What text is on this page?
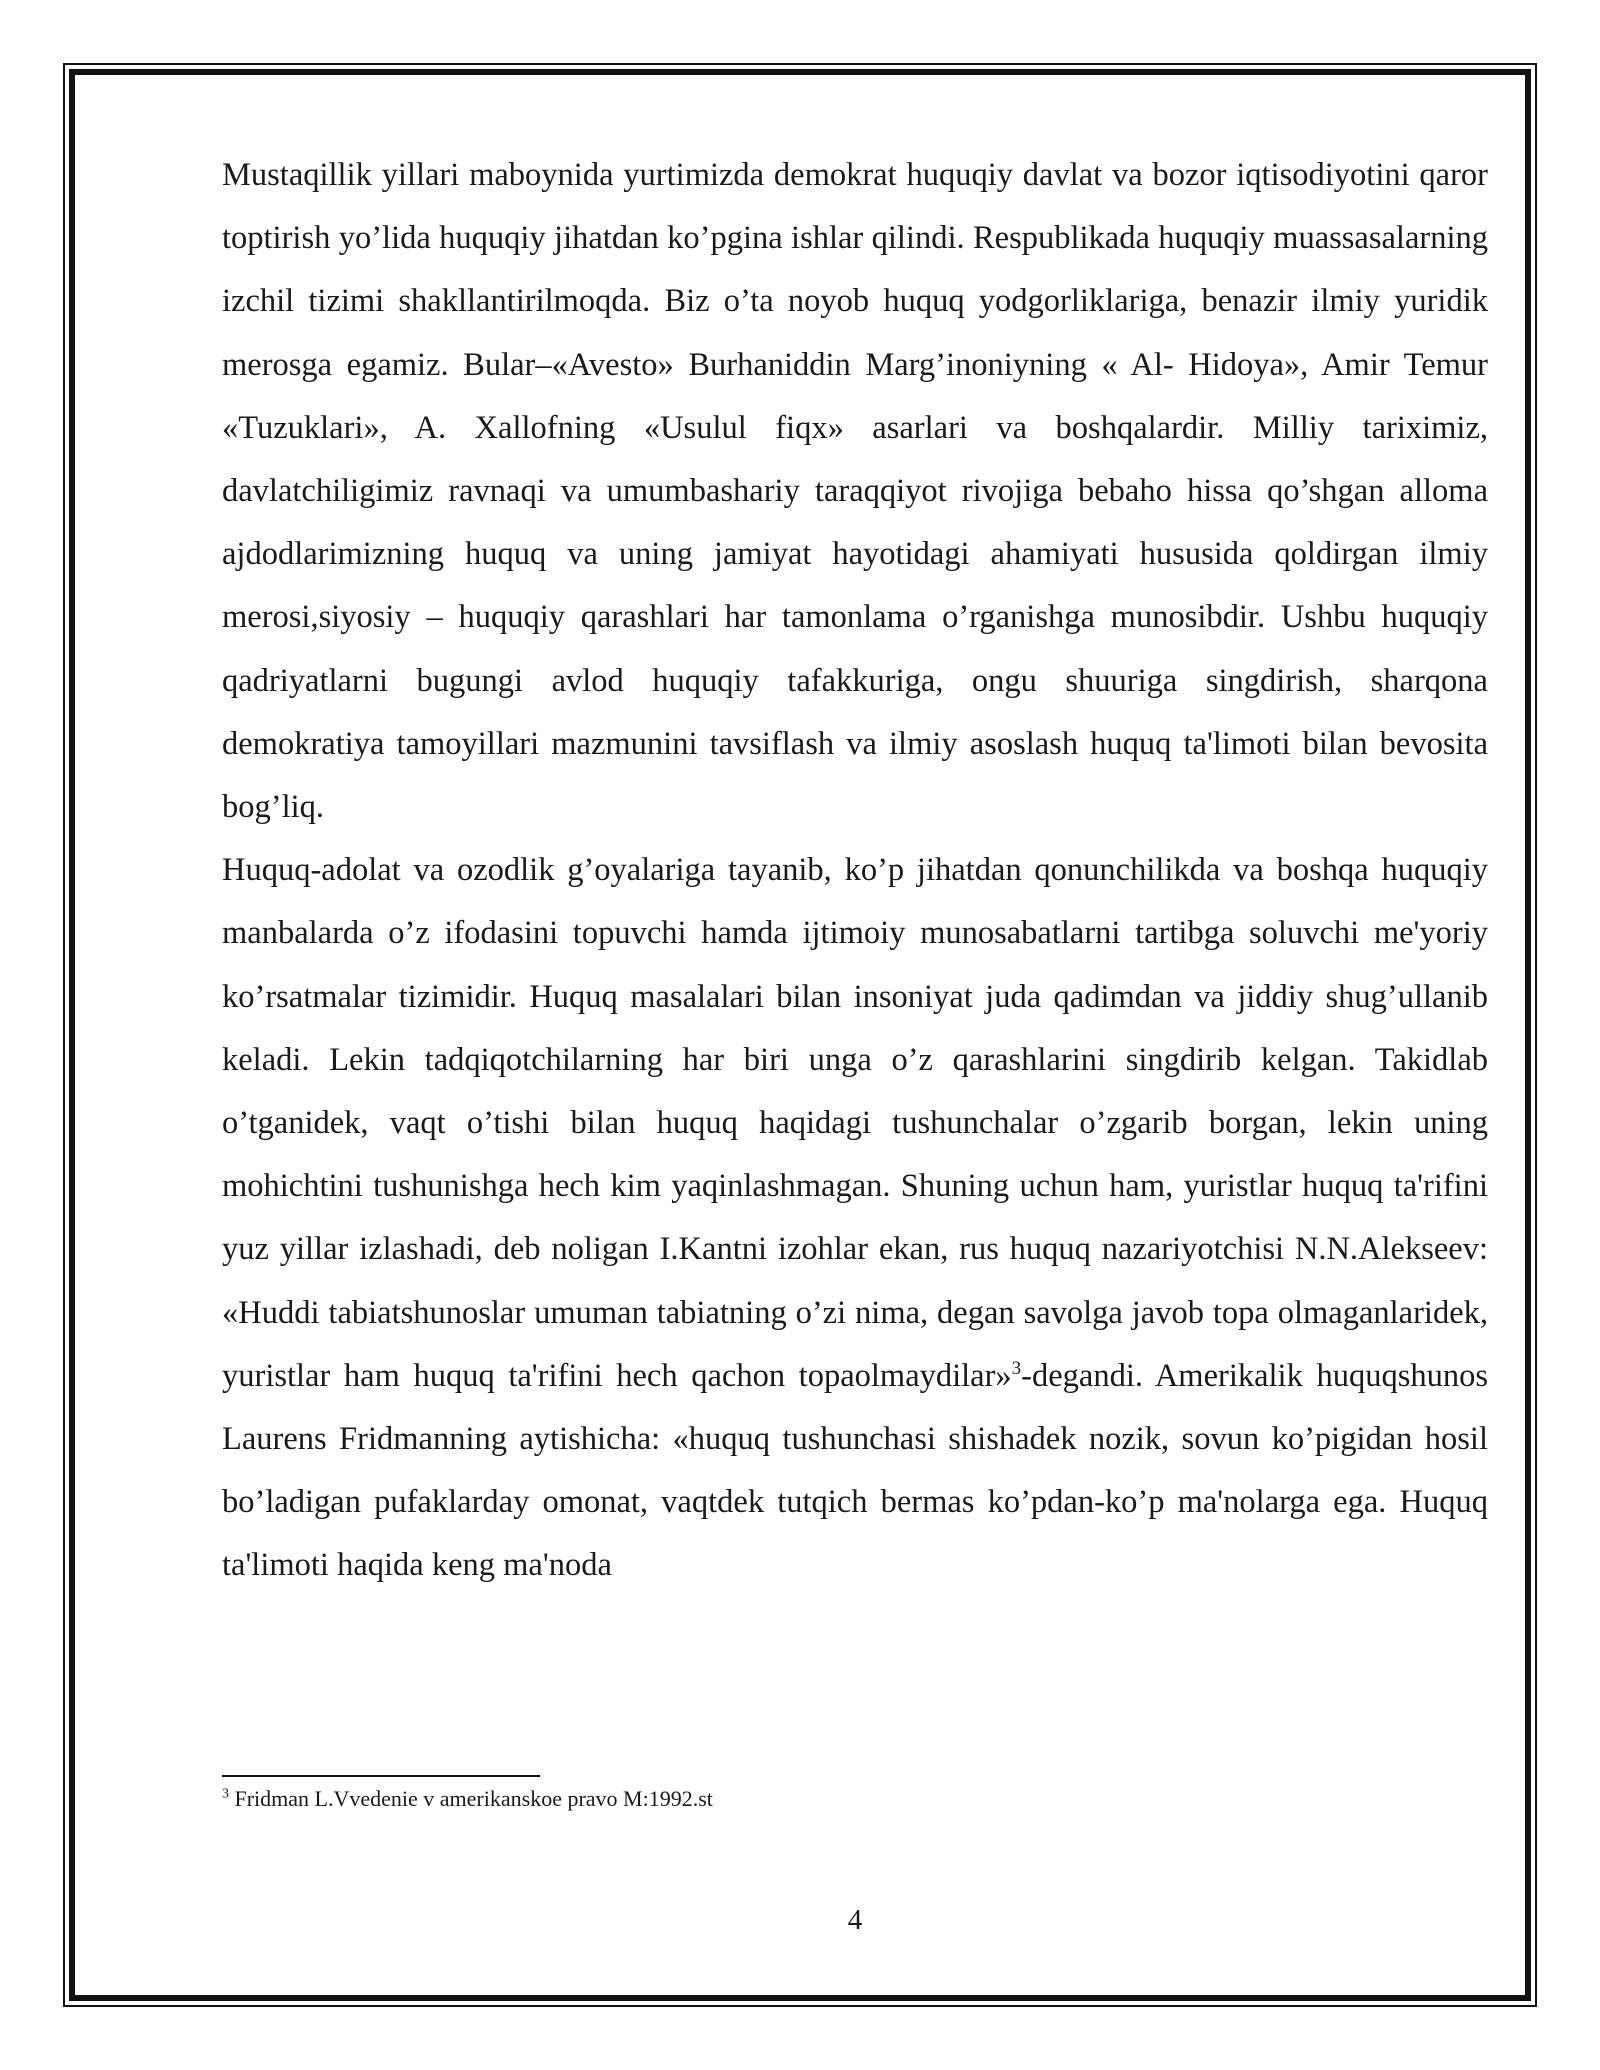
Mustaqillik yillari maboynida yurtimizda demokrat huquqiy davlat va bozor iqtisodiyotini qaror toptirish yo’lida huquqiy jihatdan ko’pgina ishlar qilindi. Respublikada huquqiy muassasalarning izchil tizimi shakllantirilmoqda. Biz o’ta noyob huquq yodgorliklariga, benazir ilmiy yuridik merosga egamiz. Bular–«Avesto» Burhaniddin Marg’inoniyning « Al- Hidoya», Amir Temur «Tuzuklari», A. Xallofning «Usulul fiqx» asarlari va boshqalardir. Milliy tariximiz, davlatchiligimiz ravnaqi va umumbashariy taraqqiyot rivojiga bebaho hissa qo’shgan alloma ajdodlarimizning huquq va uning jamiyat hayotidagi ahamiyati hususida qoldirgan ilmiy merosi,siyosiy – huquqiy qarashlari har tamonlama o’rganishga munosibdir. Ushbu huquqiy qadriyatlarni bugungi avlod huquqiy tafakkuriga, ongu shuuriga singdirish, sharqona demokratiya tamoyillari mazmunini tavsiflash va ilmiy asoslash huquq ta'limoti bilan bevosita bog’liq.

Huquq-adolat va ozodlik g’oyalariga tayanib, ko’p jihatdan qonunchilikda va boshqa huquqiy manbalarda o’z ifodasini topuvchi hamda ijtimoiy munosabatlarni tartibga soluvchi me'yoriy ko’rsatmalar tizimidir. Huquq masalalari bilan insoniyat juda qadimdan va jiddiy shug’ullanib keladi. Lekin tadqiqotchilarning har biri unga o’z qarashlarini singdirib kelgan. Takidlab o’tganidek, vaqt o’tishi bilan huquq haqidagi tushunchalar o’zgarib borgan, lekin uning mohichtini tushunishga hech kim yaqinlashmagan. Shuning uchun ham, yuristlar huquq ta'rifini yuz yillar izlashadi, deb noligan I.Kantni izohlar ekan, rus huquq nazariyotchisi N.N.Alekseev: «Huddi tabiatshunoslar umuman tabiatning o’zi nima, degan savolga javob topa olmaganlaridek, yuristlar ham huquq ta'rifini hech qachon topaolmaydilar»$^3$-degandi. Amerikalik huquqshunos Laurens Fridmanning aytishicha: «huquq tushunchasi shishadek nozik, sovun ko’pigidan hosil bo’ladigan pufaklarday omonat, vaqtdek tutqich bermas ko’pdan-ko’p ma'nolarga ega. Huquq ta'limoti haqida keng ma'noda

$^3$ Fridman L.Vvedenie v amerikanskoe pravo M:1992.st
4
